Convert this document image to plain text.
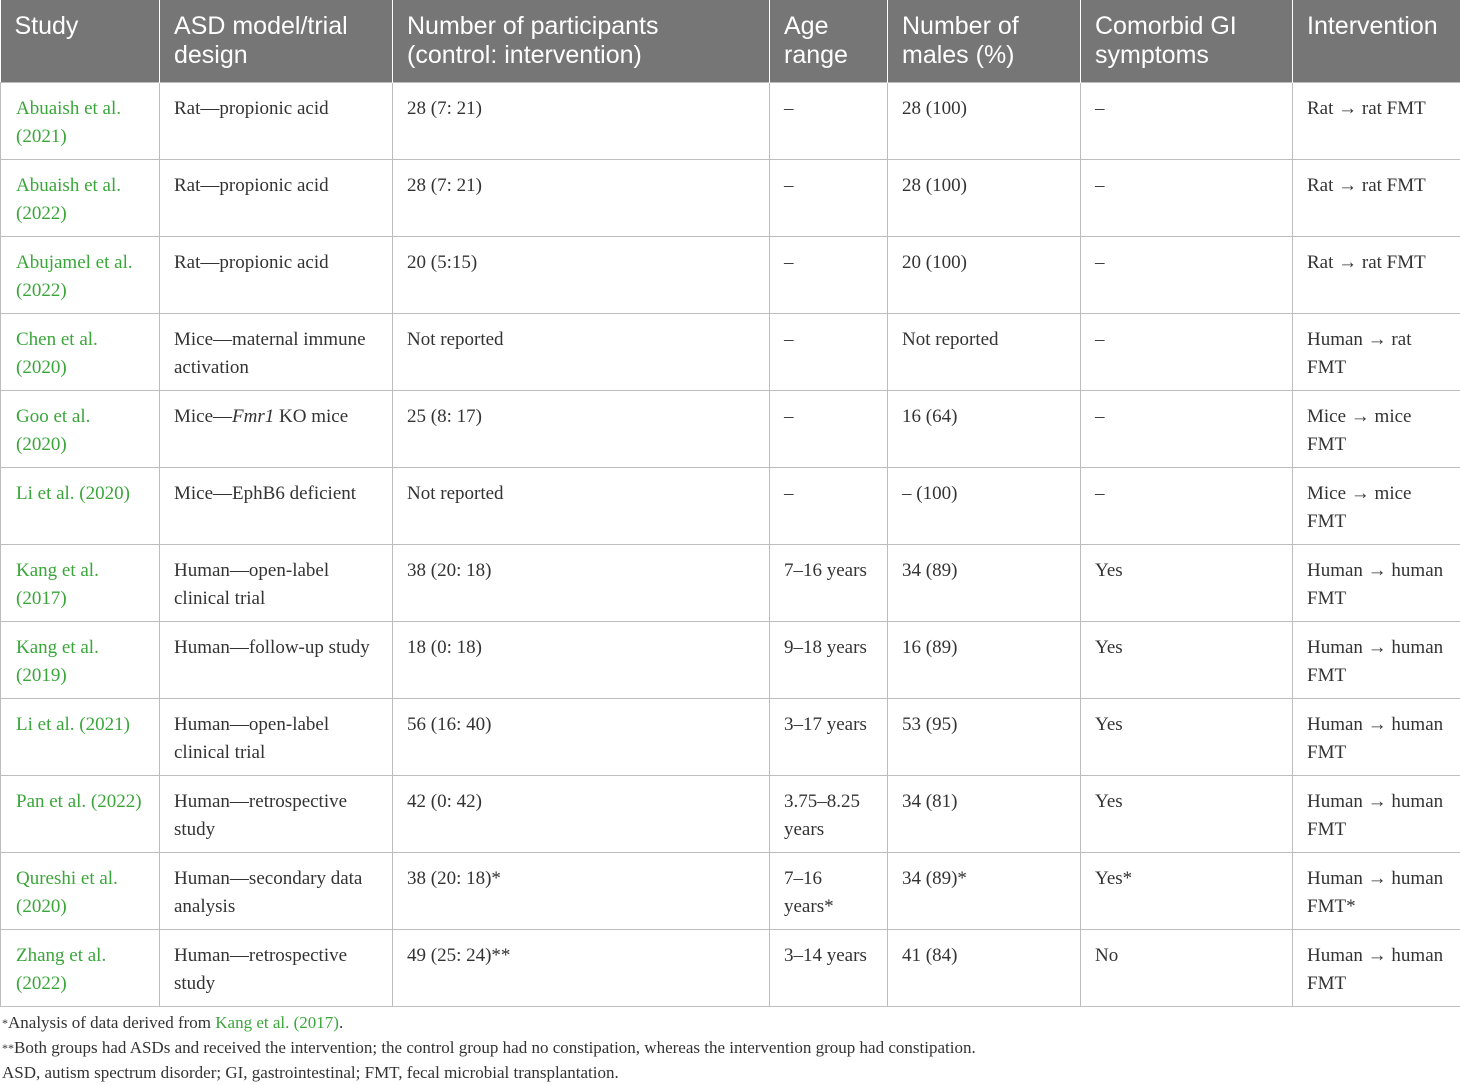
Study	ASD model/trial design	Number of participants (control: intervention)	Age range	Number of males (%)	Comorbid GI symptoms	Intervention
Abuaish et al. (2021)	Rat—propionic acid	28 (7: 21)	–	28 (100)	–	Rat → rat FMT
Abuaish et al. (2022)	Rat—propionic acid	28 (7: 21)	–	28 (100)	–	Rat → rat FMT
Abujamel et al. (2022)	Rat—propionic acid	20 (5:15)	–	20 (100)	–	Rat → rat FMT
Chen et al. (2020)	Mice—maternal immune activation	Not reported	–	Not reported	–	Human → rat FMT
Goo et al. (2020)	Mice—Fmr1 KO mice	25 (8: 17)	–	16 (64)	–	Mice → mice FMT
Li et al. (2020)	Mice—EphB6 deficient	Not reported	–	– (100)	–	Mice → mice FMT
Kang et al. (2017)	Human—open-label clinical trial	38 (20: 18)	7–16 years	34 (89)	Yes	Human → human FMT
Kang et al. (2019)	Human—follow-up study	18 (0: 18)	9–18 years	16 (89)	Yes	Human → human FMT
Li et al. (2021)	Human—open-label clinical trial	56 (16: 40)	3–17 years	53 (95)	Yes	Human → human FMT
Pan et al. (2022)	Human—retrospective study	42 (0: 42)	3.75–8.25 years	34 (81)	Yes	Human → human FMT
Qureshi et al. (2020)	Human—secondary data analysis	38 (20: 18)*	7–16 years*	34 (89)*	Yes*	Human → human FMT*
Zhang et al. (2022)	Human—retrospective study	49 (25: 24)**	3–14 years	41 (84)	No	Human → human FMT
*Analysis of data derived from Kang et al. (2017).
**Both groups had ASDs and received the intervention; the control group had no constipation, whereas the intervention group had constipation.
ASD, autism spectrum disorder; GI, gastrointestinal; FMT, fecal microbial transplantation.
